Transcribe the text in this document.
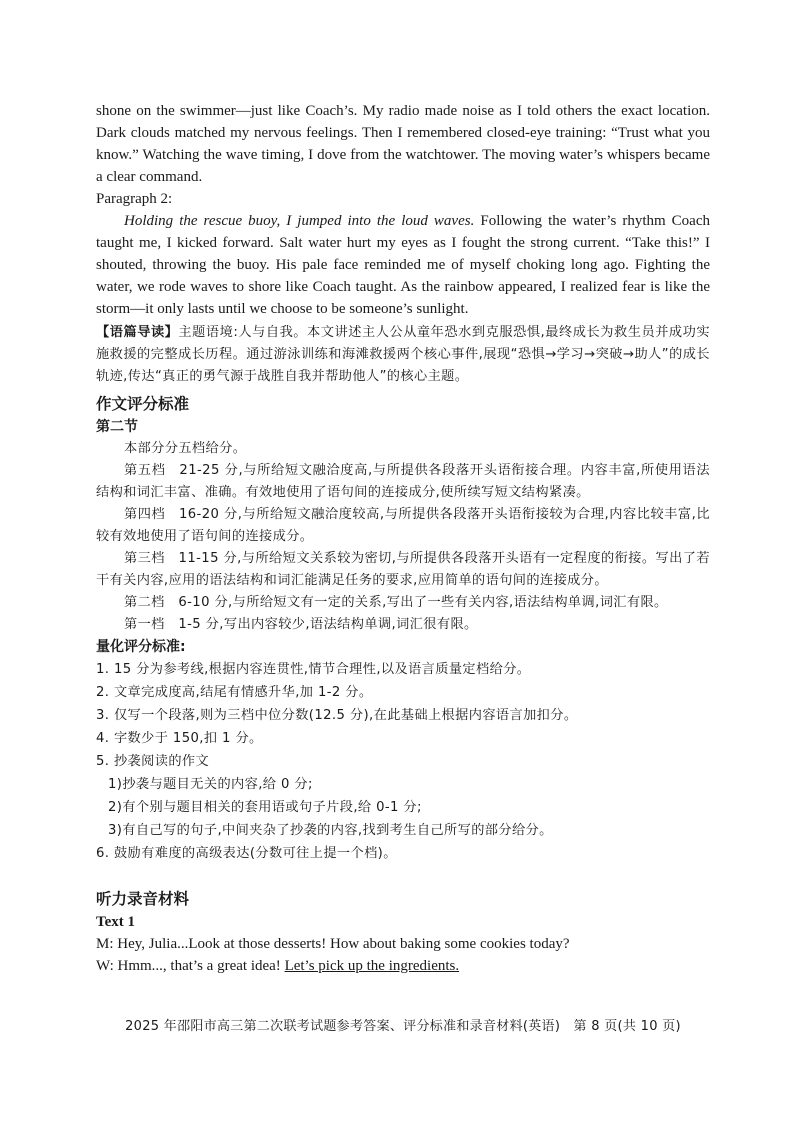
shone on the swimmer—just like Coach’s. My radio made noise as I told others the exact location. Dark clouds matched my nervous feelings. Then I remembered closed-eye training: “Trust what you know.” Watching the wave timing, I dove from the watchtower. The moving water’s whispers became a clear command.

Paragraph 2:

Holding the rescue buoy, I jumped into the loud waves. Following the water’s rhythm Coach taught me, I kicked forward. Salt water hurt my eyes as I fought the strong current. “Take this!” I shouted, throwing the buoy. His pale face reminded me of myself choking long ago. Fighting the water, we rode waves to shore like Coach taught. As the rainbow appeared, I realized fear is like the storm—it only lasts until we choose to be someone’s sunlight.

【语篇导读】主题语境:人与自我。本文讲述主人公从童年恐水到克服恐惧,最终成长为救生员并成功实施救援的完整成长历程。通过游泳训练和海滩救援两个核心事件,展现“恐惧→学习→突破→助人”的成长轨迹,传达“真正的勇气源于战胜自我并帮助他人”的核心主题。

作文评分标准

第二节

本部分分五档给分。

第五档　21-25 分,与所给短文融洽度高,与所提供各段落开头语衔接合理。内容丰富,所使用语法结构和词汇丰富、准确。有效地使用了语句间的连接成分,使所续写短文结构紧凑。

第四档　16-20 分,与所给短文融洽度较高,与所提供各段落开头语衔接较为合理,内容比较丰富,比较有效地使用了语句间的连接成分。

第三档　11-15 分,与所给短文关系较为密切,与所提供各段落开头语有一定程度的衔接。写出了若干有关内容,应用的语法结构和词汇能满足任务的要求,应用简单的语句间的连接成分。

第二档　6-10 分,与所给短文有一定的关系,写出了一些有关内容,语法结构单调,词汇有限。

第一档　1-5 分,写出内容较少,语法结构单调,词汇很有限。

量化评分标准:

1. 15 分为参考线,根据内容连贯性,情节合理性,以及语言质量定档给分。

2. 文章完成度高,结尾有情感升华,加 1-2 分。

3. 仅写一个段落,则为三档中位分数(12.5 分),在此基础上根据内容语言加扣分。

4. 字数少于 150,扣 1 分。

5. 抄袭阅读的作文

1)抄袭与题目无关的内容,给 0 分;

2)有个别与题目相关的套用语或句子片段,给 0-1 分;

3)有自己写的句子,中间夹杂了抄袭的内容,找到考生自己所写的部分给分。

6. 鼓励有难度的高级表达(分数可往上提一个档)。

听力录音材料

Text 1

M: Hey, Julia...Look at those desserts! How about baking some cookies today?

W: Hmm..., that’s a great idea! Let’s pick up the ingredients.

2025 年邵阳市高三第二次联考试题参考答案、评分标准和录音材料(英语)　第 8 页(共 10 页)
